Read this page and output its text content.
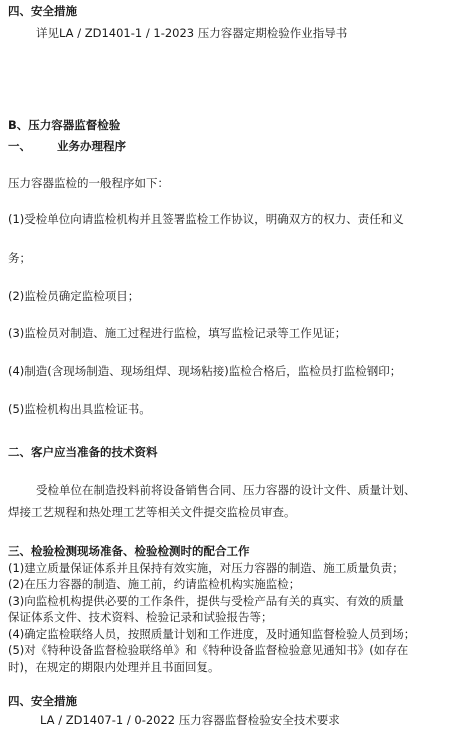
四、安全措施
详见LA / ZD1401-1 / 1-2023 压力容器定期检验作业指导书
B、压力容器监督检验
一、 业务办理程序
压力容器监检的一般程序如下：
(1)受检单位向请监检机构并且签署监检工作协议，明确双方的权力、责任和义
务；
(2)监检员确定监检项目；
(3)监检员对制造、施工过程进行监检，填写监检记录等工作见证；
(4)制造(含现场制造、现场组焊、现场粘接)监检合格后，监检员打监检钢印；
(5)监检机构出具监检证书。
二、客户应当准备的技术资料
受检单位在制造投料前将设备销售合同、压力容器的设计文件、质量计划、
焊接工艺规程和热处理工艺等相关文件提交监检员审查。
三、检验检测现场准备、检验检测时的配合工作
(1)建立质量保证体系并且保持有效实施，对压力容器的制造、施工质量负责；
(2)在压力容器的制造、施工前，约请监检机构实施监检；
(3)向监检机构提供必要的工作条件，提供与受检产品有关的真实、有效的质量
保证体系文件、技术资料、检验记录和试验报告等；
(4)确定监检联络人员，按照质量计划和工作进度，及时通知监督检验人员到场；
(5)对《特种设备监督检验联络单》和《特种设备监督检验意见通知书》(如存在
时)，在规定的期限内处理并且书面回复。
四、安全措施
LA / ZD1407-1 / 0-2022 压力容器监督检验安全技术要求
